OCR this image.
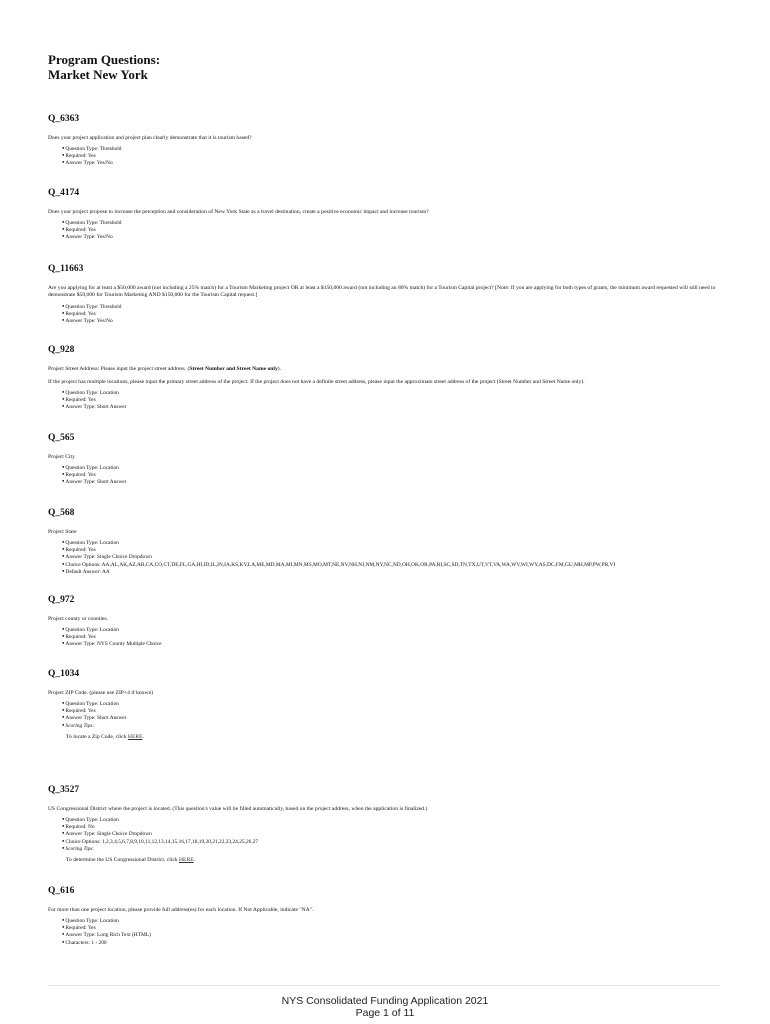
Program Questions:
Market New York
Q_6363
Does your project application and project plan clearly demonstrate that it is tourism based?
● Question Type: Threshold
● Required: Yes
● Answer Type: Yes/No
Q_4174
Does your project propose to increase the perception and consideration of New York State as a travel destination, create a positive economic impact and increase tourism?
● Question Type: Threshold
● Required: Yes
● Answer Type: Yes/No
Q_11663
Are you applying for at least a $50,000 award (not including a 25% match) for a Tourism Marketing project OR at least a $150,000 award (not including an 80% match) for a Tourism Capital project? [Note: If you are applying for both types of grants, the minimum award requested will still need to demonstrate $50,000 for Tourism Marketing AND $150,000 for the Tourism Capital request.]
● Question Type: Threshold
● Required: Yes
● Answer Type: Yes/No
Q_928
Project Street Address: Please input the project street address. (Street Number and Street Name only).
If the project has multiple locations, please input the primary street address of the project. If the project does not have a definite street address, please input the approximate street address of the project (Street Number and Street Name only).
● Question Type: Location
● Required: Yes
● Answer Type: Short Answer
Q_565
Project City
● Question Type: Location
● Required: Yes
● Answer Type: Short Answer
Q_568
Project State
● Question Type: Location
● Required: Yes
● Answer Type: Single Choice Dropdown
● Choice Options: AA,AL,AK,AZ,AR,CA,CO,CT,DE,FL,GA,HI,ID,IL,IN,IA,KS,KY,LA,ME,MD,MA,MI,MN,MS,MO,MT,NE,NV,NH,NJ,NM,NY,NC,ND,OH,OK,OR,PA,RI,SC,SD,TN,TX,UT,VT,VA,WA,WV,WI,WY,AS,DC,FM,GU,MH,MP,PW,PR,VI
● Default Answer: AA
Q_972
Project county or counties.
● Question Type: Location
● Required: Yes
● Answer Type: NYS County Multiple Choice
Q_1034
Project ZIP Code. (please use ZIP+4 if known)
● Question Type: Location
● Required: Yes
● Answer Type: Short Answer
● Scoring Tips:
To locate a Zip Code, click HERE.
Q_3527
US Congressional District where the project is located. (This question's value will be filled automatically, based on the project address, when the application is finalized.)
● Question Type: Location
● Required: No
● Answer Type: Single Choice Dropdown
● Choice Options: 1,2,3,4,5,6,7,8,9,10,11,12,13,14,15,16,17,18,19,20,21,22,23,24,25,26,27
● Scoring Tips:
To determine the US Congressional District, click HERE.
Q_616
For more than one project location, please provide full address(es) for each location. If Not Applicable, indicate "NA".
● Question Type: Location
● Required: Yes
● Answer Type: Long Rich Text (HTML)
● Characters: 1 - 200
NYS Consolidated Funding Application 2021
Page 1 of 11
